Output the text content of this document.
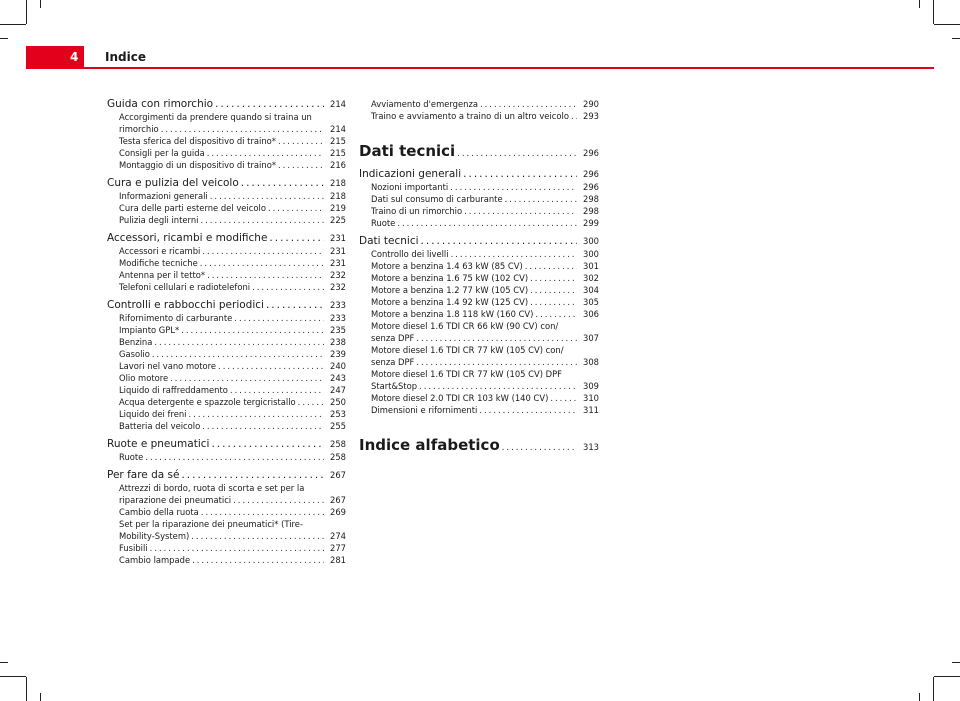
4 Indice
Guida con rimorchio .....	214
Accorgimenti da prendere quando si traina un
rimorchio .....	214
Testa sferica del dispositivo di traino* .....	215
Consigli per la guida .....	215
Montaggio di un dispositivo di traino* .....	216
Cura e pulizia del veicolo .....	218
Informazioni generali .....	218
Cura delle parti esterne del veicolo .....	219
Pulizia degli interni .....	225
Accessori, ricambi e modifiche .....	231
Accessori e ricambi .....	231
Modifiche tecniche .....	231
Antenna per il tetto* .....	232
Telefoni cellulari e radiotelefoni .....	232
Controlli e rabbocchi periodici .....	233
Rifornimento di carburante .....	233
Impianto GPL* .....	235
Benzina .....	238
Gasolio .....	239
Lavori nel vano motore .....	240
Olio motore .....	243
Liquido di raffreddamento .....	247
Acqua detergente e spazzole tergicristallo .....	250
Liquido dei freni .....	253
Batteria del veicolo .....	255
Ruote e pneumatici .....	258
Ruote .....	258
Per fare da sé .....	267
Attrezzi di bordo, ruota di scorta e set per la
riparazione dei pneumatici .....	267
Cambio della ruota .....	269
Set per la riparazione dei pneumatici* (Tire-
Mobility-System) .....	274
Fusibili .....	277
Cambio lampade .....	281
Avviamento d'emergenza .....	290
Traino e avviamento a traino di un altro veicolo .....	293
Dati tecnici .....	296
Indicazioni generali .....	296
Nozioni importanti .....	296
Dati sul consumo di carburante .....	298
Traino di un rimorchio .....	298
Ruote .....	299
Dati tecnici .....	300
Controllo dei livelli .....	300
Motore a benzina 1.4 63 kW (85 CV) .....	301
Motore a benzina 1.6 75 kW (102 CV) .....	302
Motore a benzina 1.2 77 kW (105 CV) .....	304
Motore a benzina 1.4 92 kW (125 CV) .....	305
Motore a benzina 1.8 118 kW (160 CV) .....	306
Motore diesel 1.6 TDI CR 66 kW (90 CV) con/
senza DPF .....	307
Motore diesel 1.6 TDI CR 77 kW (105 CV) con/
senza DPF .....	308
Motore diesel 1.6 TDI CR 77 kW (105 CV) DPF
Start&Stop .....	309
Motore diesel 2.0 TDI CR 103 kW (140 CV) .....	310
Dimensioni e rifornimenti .....	311
Indice alfabetico .....	313
